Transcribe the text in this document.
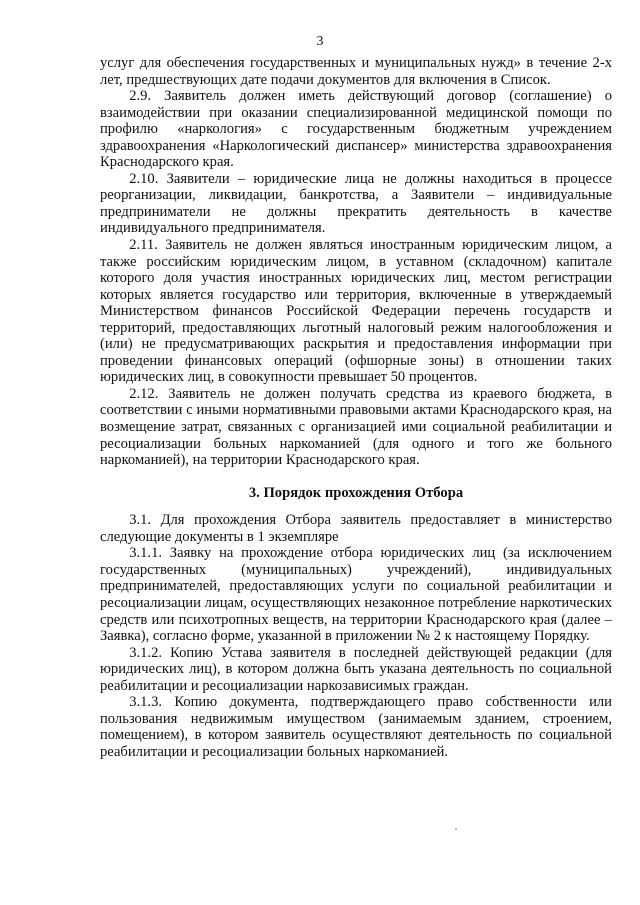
3

услуг для обеспечения государственных и муниципальных нужд» в течение 2-х лет, предшествующих дате подачи документов для включения в Список.

  2.9. Заявитель должен иметь действующий договор (соглашение) о взаимодействии при оказании специализированной медицинской помощи по профилю «наркология» с государственным бюджетным учреждением здравоохранения «Наркологический диспансер» министерства здравоохранения Краснодарского края.

  2.10. Заявители – юридические лица не должны находиться в процессе реорганизации, ликвидации, банкротства, а Заявители – индивидуальные предприниматели не должны прекратить деятельность в качестве индивидуального предпринимателя.

  2.11. Заявитель не должен являться иностранным юридическим лицом, а также российским юридическим лицом, в уставном (складочном) капитале которого доля участия иностранных юридических лиц, местом регистрации которых является государство или территория, включенные в утверждаемый Министерством финансов Российской Федерации перечень государств и территорий, предоставляющих льготный налоговый режим налогообложения и (или) не предусматривающих раскрытия и предоставления информации при проведении финансовых операций (офшорные зоны) в отношении таких юридических лиц, в совокупности превышает 50 процентов.

  2.12. Заявитель не должен получать средства из краевого бюджета, в соответствии с иными нормативными правовыми актами Краснодарского края, на возмещение затрат, связанных с организацией ими социальной реабилитации и ресоциализации больных наркоманией (для одного и того же больного наркоманией), на территории Краснодарского края.

3. Порядок прохождения Отбора

  3.1. Для прохождения Отбора заявитель предоставляет в министерство следующие документы в 1 экземпляре

  3.1.1. Заявку на прохождение отбора юридических лиц (за исключением государственных (муниципальных) учреждений), индивидуальных предпринимателей, предоставляющих услуги по социальной реабилитации и ресоциализации лицам, осуществляющих незаконное потребление наркотических средств или психотропных веществ, на территории Краснодарского края (далее – Заявка), согласно форме, указанной в приложении № 2 к настоящему Порядку.

  3.1.2. Копию Устава заявителя в последней действующей редакции (для юридических лиц), в котором должна быть указана деятельность по социальной реабилитации и ресоциализации наркозависимых граждан.

  3.1.3. Копию документа, подтверждающего право собственности или пользования недвижимым имуществом (занимаемым зданием, строением, помещением), в котором заявитель осуществляют деятельность по социальной реабилитации и ресоциализации больных наркоманией.
